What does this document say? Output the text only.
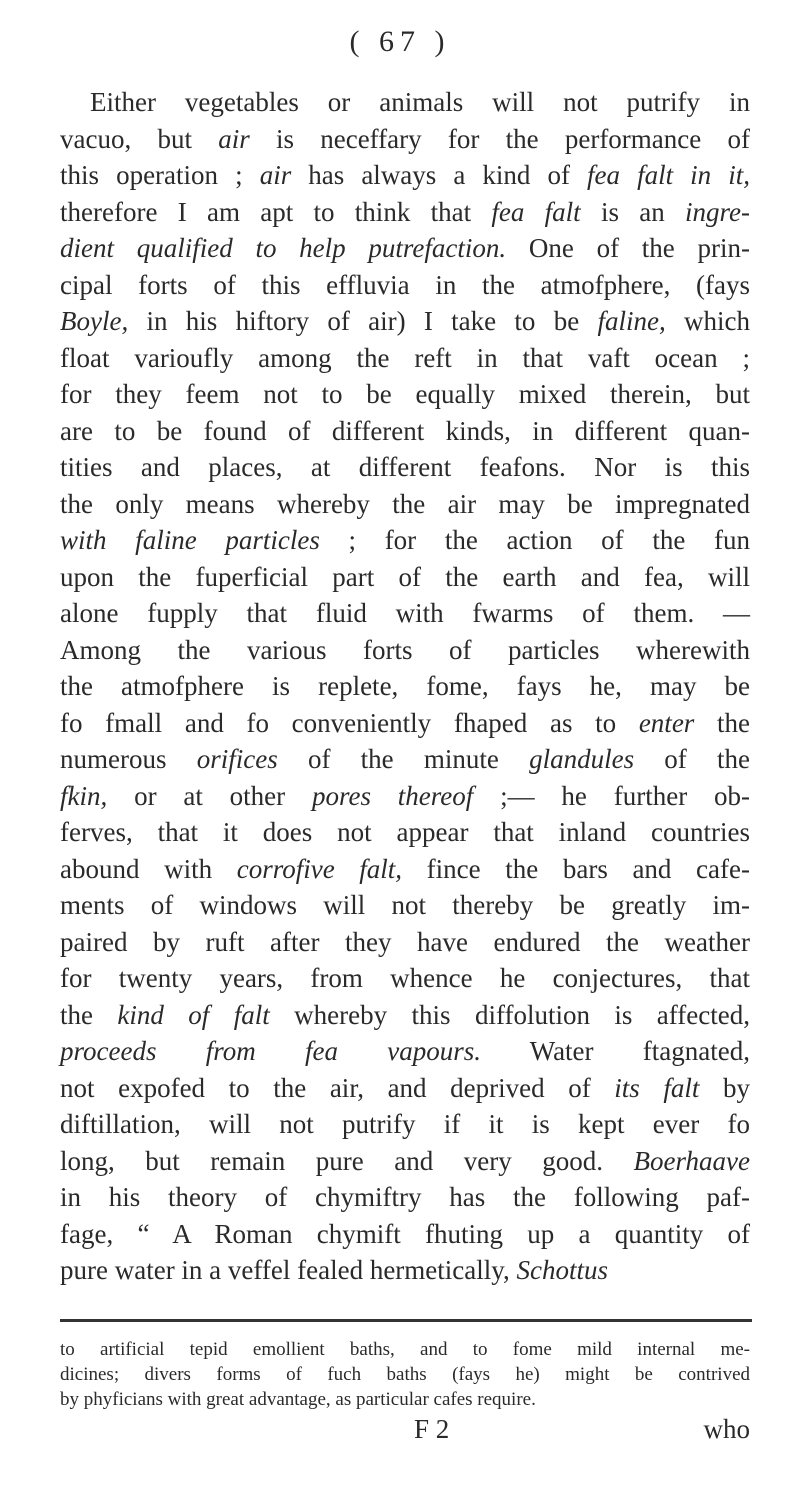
( 67 )
Either vegetables or animals will not putrify in
vacuo, but air is neceffary for the performance of
this operation ; air has always a kind of fea falt in it,
therefore I am apt to think that fea falt is an ingre-
dient qualified to help putrefaction. One of the prin-
cipal forts of this effluvia in the atmofphere, (fays
Boyle, in his hiftory of air) I take to be faline, which
float varioufly among the reft in that vaft ocean ;
for they feem not to be equally mixed therein, but
are to be found of different kinds, in different quan-
tities and places, at different feafons. Nor is this
the only means whereby the air may be impregnated
with faline particles ; for the action of the fun
upon the fuperficial part of the earth and fea, will
alone fupply that fluid with fwarms of them. —
Among the various forts of particles wherewith
the atmofphere is replete, fome, fays he, may be
fo fmall and fo conveniently fhaped as to enter the
numerous orifices of the minute glandules of the
fkin, or at other pores thereof ;— he further ob-
ferves, that it does not appear that inland countries
abound with corrofive falt, fince the bars and cafe-
ments of windows will not thereby be greatly im-
paired by ruft after they have endured the weather
for twenty years, from whence he conjectures, that
the kind of falt whereby this diffolution is affected,
proceeds from fea vapours. Water ftagnated,
not expofed to the air, and deprived of its falt by
diftillation, will not putrify if it is kept ever fo
long, but remain pure and very good. Boerhaave
in his theory of chymiftry has the following paf-
fage, “ A Roman chymift fhuting up a quantity of
pure water in a veffel fealed hermetically, Schottus
to artificial tepid emollient baths, and to fome mild internal me-
dicines; divers forms of fuch baths (fays he) might be contrived
by phyficians with great advantage, as particular cafes require.
F 2	who
